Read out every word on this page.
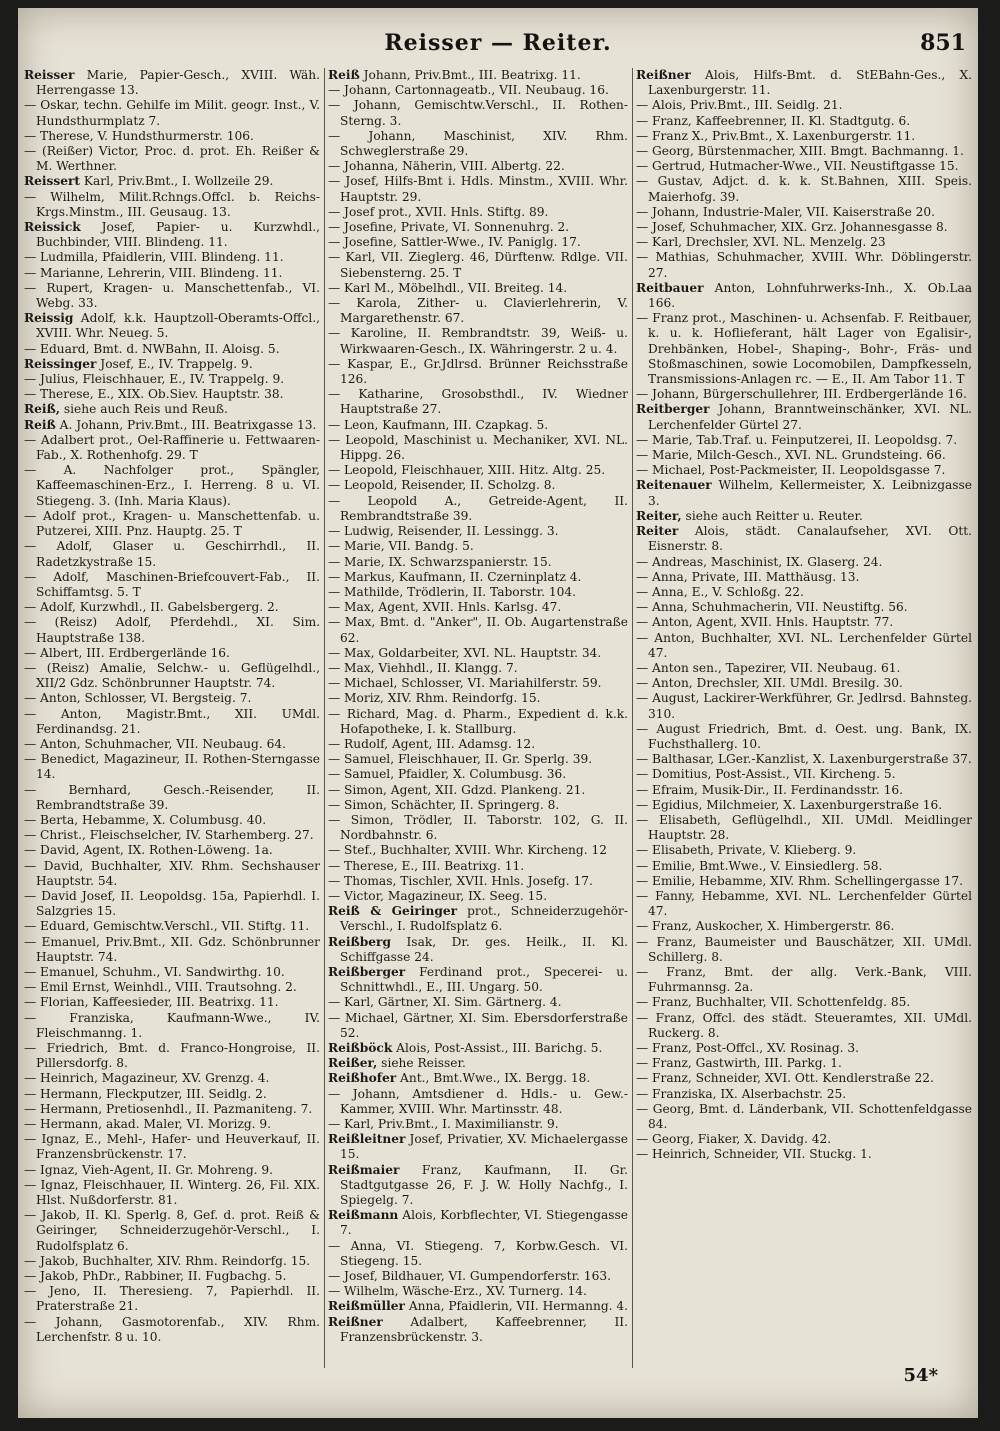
Reisser — Reiter.	851

Reisser Marie, Papier-Gesch., XVIII. Wäh. Herrengasse 13.

— Oskar, techn. Gehilfe im Milit. geogr. Inst., V. Hundsthurmplatz 7.

— Therese, V. Hundsthurmerstr. 106.

— (Reißer) Victor, Proc. d. prot. Eh. Reißer & M. Werthner.

Reissert Karl, Priv.Bmt., I. Wollzeile 29.

— Wilhelm, Milit.Rchngs.Offcl. b. Reichs-Krgs.Minstm., III. Geusaug. 13.

Reissick Josef, Papier- u. Kurzwhdl., Buchbinder, VIII. Blindeng. 11.

— Ludmilla, Pfaidlerin, VIII. Blindeng. 11.

— Marianne, Lehrerin, VIII. Blindeng. 11.

— Rupert, Kragen- u. Manschettenfab., VI. Webg. 33.

Reissig Adolf, k.k. Hauptzoll-Oberamts-Offcl., XVIII. Whr. Neueg. 5.

— Eduard, Bmt. d. NWBahn, II. Aloisg. 5.

Reissinger Josef, E., IV. Trappelg. 9.

— Julius, Fleischhauer, E., IV. Trappelg. 9.

— Therese, E., XIX. Ob.Siev. Hauptstr. 38.

Reiß, siehe auch Reis und Reuß.

Reiß A. Johann, Priv.Bmt., III. Beatrixgasse 13.

— Adalbert prot., Oel-Raffinerie u. Fettwaaren-Fab., X. Rothenhofg. 29. T

— A. Nachfolger prot., Spängler, Kaffeemaschinen-Erz., I. Herreng. 8 u. VI. Stiegeng. 3. (Inh. Maria Klaus).

— Adolf prot., Kragen- u. Manschettenfab. u. Putzerei, XIII. Pnz. Hauptg. 25. T

— Adolf, Glaser u. Geschirrhdl., II. Radetzkystraße 15.

— Adolf, Maschinen-Briefcouvert-Fab., II. Schiffamtsg. 5. T

— Adolf, Kurzwhdl., II. Gabelsbergerg. 2.

— (Reisz) Adolf, Pferdehdl., XI. Sim. Hauptstraße 138.

— Albert, III. Erdbergerlände 16.

— (Reisz) Amalie, Selchw.- u. Geflügelhdl., XII/2 Gdz. Schönbrunner Hauptstr. 74.

— Anton, Schlosser, VI. Bergsteig. 7.

— Anton, Magistr.Bmt., XII. UMdl. Ferdinandsg. 21.

— Anton, Schuhmacher, VII. Neubaug. 64.

— Benedict, Magazineur, II. Rothen-Sterngasse 14.

— Bernhard, Gesch.-Reisender, II. Rembrandtstraße 39.

— Berta, Hebamme, X. Columbusg. 40.

— Christ., Fleischselcher, IV. Starhemberg. 27.

— David, Agent, IX. Rothen-Löweng. 1a.

— David, Buchhalter, XIV. Rhm. Sechshauser Hauptstr. 54.

— David Josef, II. Leopoldsg. 15a, Papierhdl. I. Salzgries 15.

— Eduard, Gemischtw.Verschl., VII. Stiftg. 11.

— Emanuel, Priv.Bmt., XII. Gdz. Schönbrunner Hauptstr. 74.

— Emanuel, Schuhm., VI. Sandwirthg. 10.

— Emil Ernst, Weinhdl., VIII. Trautsohng. 2.

— Florian, Kaffeesieder, III. Beatrixg. 11.

— Franziska, Kaufmann-Wwe., IV. Fleischmanng. 1.

— Friedrich, Bmt. d. Franco-Hongroise, II. Pillersdorfg. 8.

— Heinrich, Magazineur, XV. Grenzg. 4.

— Hermann, Fleckputzer, III. Seidlg. 2.

— Hermann, Pretiosenhdl., II. Pazmaniteng. 7.

— Hermann, akad. Maler, VI. Morizg. 9.

— Ignaz, E., Mehl-, Hafer- und Heuverkauf, II. Franzensbrückenstr. 17.

— Ignaz, Vieh-Agent, II. Gr. Mohreng. 9.

— Ignaz, Fleischhauer, II. Winterg. 26, Fil. XIX. Hlst. Nußdorferstr. 81.

— Jakob, II. Kl. Sperlg. 8, Gef. d. prot. Reiß & Geiringer, Schneiderzugehör-Verschl., I. Rudolfsplatz 6.

— Jakob, Buchhalter, XIV. Rhm. Reindorfg. 15.

— Jakob, PhDr., Rabbiner, II. Fugbachg. 5.

— Jeno, II. Theresieng. 7, Papierhdl. II. Praterstraße 21.

— Johann, Gasmotorenfab., XIV. Rhm. Lerchenfstr. 8 u. 10.

Reiß Johann, Priv.Bmt., III. Beatrixg. 11.

— Johann, Cartonnageatb., VII. Neubaug. 16.

— Johann, Gemischtw.Verschl., II. Rothen-Sterng. 3.

— Johann, Maschinist, XIV. Rhm. Schweglerstraße 29.

— Johanna, Näherin, VIII. Albertg. 22.

— Josef, Hilfs-Bmt i. Hdls. Minstm., XVIII. Whr. Hauptstr. 29.

— Josef prot., XVII. Hnls. Stiftg. 89.

— Josefine, Private, VI. Sonnenuhrg. 2.

— Josefine, Sattler-Wwe., IV. Paniglg. 17.

— Karl, VII. Zieglerg. 46, Dürftenw. Rdlge. VII. Siebensterng. 25. T

— Karl M., Möbelhdl., VII. Breiteg. 14.

— Karola, Zither- u. Clavierlehrerin, V. Margarethenstr. 67.

— Karoline, II. Rembrandtstr. 39, Weiß- u. Wirkwaaren-Gesch., IX. Währingerstr. 2 u. 4.

— Kaspar, E., Gr.Jdlrsd. Brünner Reichsstraße 126.

— Katharine, Grosobsthdl., IV. Wiedner Hauptstraße 27.

— Leon, Kaufmann, III. Czapkag. 5.

— Leopold, Maschinist u. Mechaniker, XVI. NL. Hippg. 26.

— Leopold, Fleischhauer, XIII. Hitz. Altg. 25.

— Leopold, Reisender, II. Scholzg. 8.

— Leopold A., Getreide-Agent, II. Rembrandtstraße 39.

— Ludwig, Reisender, II. Lessingg. 3.

— Marie, VII. Bandg. 5.

— Marie, IX. Schwarzspanierstr. 15.

— Markus, Kaufmann, II. Czerninplatz 4.

— Mathilde, Trödlerin, II. Taborstr. 104.

— Max, Agent, XVII. Hnls. Karlsg. 47.

— Max, Bmt. d. "Anker", II. Ob. Augartenstraße 62.

— Max, Goldarbeiter, XVI. NL. Hauptstr. 34.

— Max, Viehhdl., II. Klangg. 7.

— Michael, Schlosser, VI. Mariahilferstr. 59.

— Moriz, XIV. Rhm. Reindorfg. 15.

— Richard, Mag. d. Pharm., Expedient d. k.k. Hofapotheke, I. k. Stallburg.

— Rudolf, Agent, III. Adamsg. 12.

— Samuel, Fleischhauer, II. Gr. Sperlg. 39.

— Samuel, Pfaidler, X. Columbusg. 36.

— Simon, Agent, XII. Gdzd. Plankeng. 21.

— Simon, Schächter, II. Springerg. 8.

— Simon, Trödler, II. Taborstr. 102, G. II. Nordbahnstr. 6.

— Stef., Buchhalter, XVIII. Whr. Kircheng. 12

— Therese, E., III. Beatrixg. 11.

— Thomas, Tischler, XVII. Hnls. Josefg. 17.

— Victor, Magazineur, IX. Seeg. 15.

Reiß & Geiringer prot., Schneiderzugehör-Verschl., I. Rudolfsplatz 6.

Reißberg Isak, Dr. ges. Heilk., II. Kl. Schiffgasse 24.

Reißberger Ferdinand prot., Specerei- u. Schnittwhdl., E., III. Ungarg. 50.

— Karl, Gärtner, XI. Sim. Gärtnerg. 4.

— Michael, Gärtner, XI. Sim. Ebersdorferstraße 52.

Reißböck Alois, Post-Assist., III. Barichg. 5.

Reißer, siehe Reisser.

Reißhofer Ant., Bmt.Wwe., IX. Bergg. 18.

— Johann, Amtsdiener d. Hdls.- u. Gew.-Kammer, XVIII. Whr. Martinsstr. 48.

— Karl, Priv.Bmt., I. Maximilianstr. 9.

Reißleitner Josef, Privatier, XV. Michaelergasse 15.

Reißmaier Franz, Kaufmann, II. Gr. Stadtgutgasse 26, F. J. W. Holly Nachfg., I. Spiegelg. 7.

Reißmann Alois, Korbflechter, VI. Stiegengasse 7.

— Anna, VI. Stiegeng. 7, Korbw.Gesch. VI. Stiegeng. 15.

— Josef, Bildhauer, VI. Gumpendorferstr. 163.

— Wilhelm, Wäsche-Erz., XV. Turnerg. 14.

Reißmüller Anna, Pfaidlerin, VII. Hermanng. 4.

Reißner Adalbert, Kaffeebrenner, II. Franzensbrückenstr. 3.

Reißner Alois, Hilfs-Bmt. d. StEBahn-Ges., X. Laxenburgerstr. 11.

— Alois, Priv.Bmt., III. Seidlg. 21.

— Franz, Kaffeebrenner, II. Kl. Stadtgutg. 6.

— Franz X., Priv.Bmt., X. Laxenburgerstr. 11.

— Georg, Bürstenmacher, XIII. Bmgt. Bachmanng. 1.

— Gertrud, Hutmacher-Wwe., VII. Neustiftgasse 15.

— Gustav, Adjct. d. k. k. St.Bahnen, XIII. Speis. Maierhofg. 39.

— Johann, Industrie-Maler, VII. Kaiserstraße 20.

— Josef, Schuhmacher, XIX. Grz. Johannesgasse 8.

— Karl, Drechsler, XVI. NL. Menzelg. 23

— Mathias, Schuhmacher, XVIII. Whr. Döblingerstr. 27.

Reitbauer Anton, Lohnfuhrwerks-Inh., X. Ob.Laa 166.

— Franz prot., Maschinen- u. Achsenfab. F. Reitbauer, k. u. k. Hoflieferant, hält Lager von Egalisir-, Drehbänken, Hobel-, Shaping-, Bohr-, Fräs- und Stoßmaschinen, sowie Locomobilen, Dampfkesseln, Transmissions-Anlagen rc. — E., II. Am Tabor 11. T

— Johann, Bürgerschullehrer, III. Erdbergerlände 16.

Reitberger Johann, Branntweinschänker, XVI. NL. Lerchenfelder Gürtel 27.

— Marie, Tab.Traf. u. Feinputzerei, II. Leopoldsg. 7.

— Marie, Milch-Gesch., XVI. NL. Grundsteing. 66.

— Michael, Post-Packmeister, II. Leopoldsgasse 7.

Reitenauer Wilhelm, Kellermeister, X. Leibnizgasse 3.

Reiter, siehe auch Reitter u. Reuter.

Reiter Alois, städt. Canalaufseher, XVI. Ott. Eisnerstr. 8.

— Andreas, Maschinist, IX. Glaserg. 24.

— Anna, Private, III. Matthäusg. 13.

— Anna, E., V. Schloßg. 22.

— Anna, Schuhmacherin, VII. Neustiftg. 56.

— Anton, Agent, XVII. Hnls. Hauptstr. 77.

— Anton, Buchhalter, XVI. NL. Lerchenfelder Gürtel 47.

— Anton sen., Tapezirer, VII. Neubaug. 61.

— Anton, Drechsler, XII. UMdl. Bresilg. 30.

— August, Lackirer-Werkführer, Gr. Jedlrsd. Bahnsteg. 310.

— August Friedrich, Bmt. d. Oest. ung. Bank, IX. Fuchsthallerg. 10.

— Balthasar, LGer.-Kanzlist, X. Laxenburgerstraße 37.

— Domitius, Post-Assist., VII. Kircheng. 5.

— Efraim, Musik-Dir., II. Ferdinandsstr. 16.

— Egidius, Milchmeier, X. Laxenburgerstraße 16.

— Elisabeth, Geflügelhdl., XII. UMdl. Meidlinger Hauptstr. 28.

— Elisabeth, Private, V. Klieberg. 9.

— Emilie, Bmt.Wwe., V. Einsiedlerg. 58.

— Emilie, Hebamme, XIV. Rhm. Schellingergasse 17.

— Fanny, Hebamme, XVI. NL. Lerchenfelder Gürtel 47.

— Franz, Auskocher, X. Himbergerstr. 86.

— Franz, Baumeister und Bauschätzer, XII. UMdl. Schillerg. 8.

— Franz, Bmt. der allg. Verk.-Bank, VIII. Fuhrmannsg. 2a.

— Franz, Buchhalter, VII. Schottenfeldg. 85.

— Franz, Offcl. des städt. Steueramtes, XII. UMdl. Ruckerg. 8.

— Franz, Post-Offcl., XV. Rosinag. 3.

— Franz, Gastwirth, III. Parkg. 1.

— Franz, Schneider, XVI. Ott. Kendlerstraße 22.

— Franziska, IX. Alserbachstr. 25.

— Georg, Bmt. d. Länderbank, VII. Schottenfeldgasse 84.

— Georg, Fiaker, X. Davidg. 42.

— Heinrich, Schneider, VII. Stuckg. 1.

54*
